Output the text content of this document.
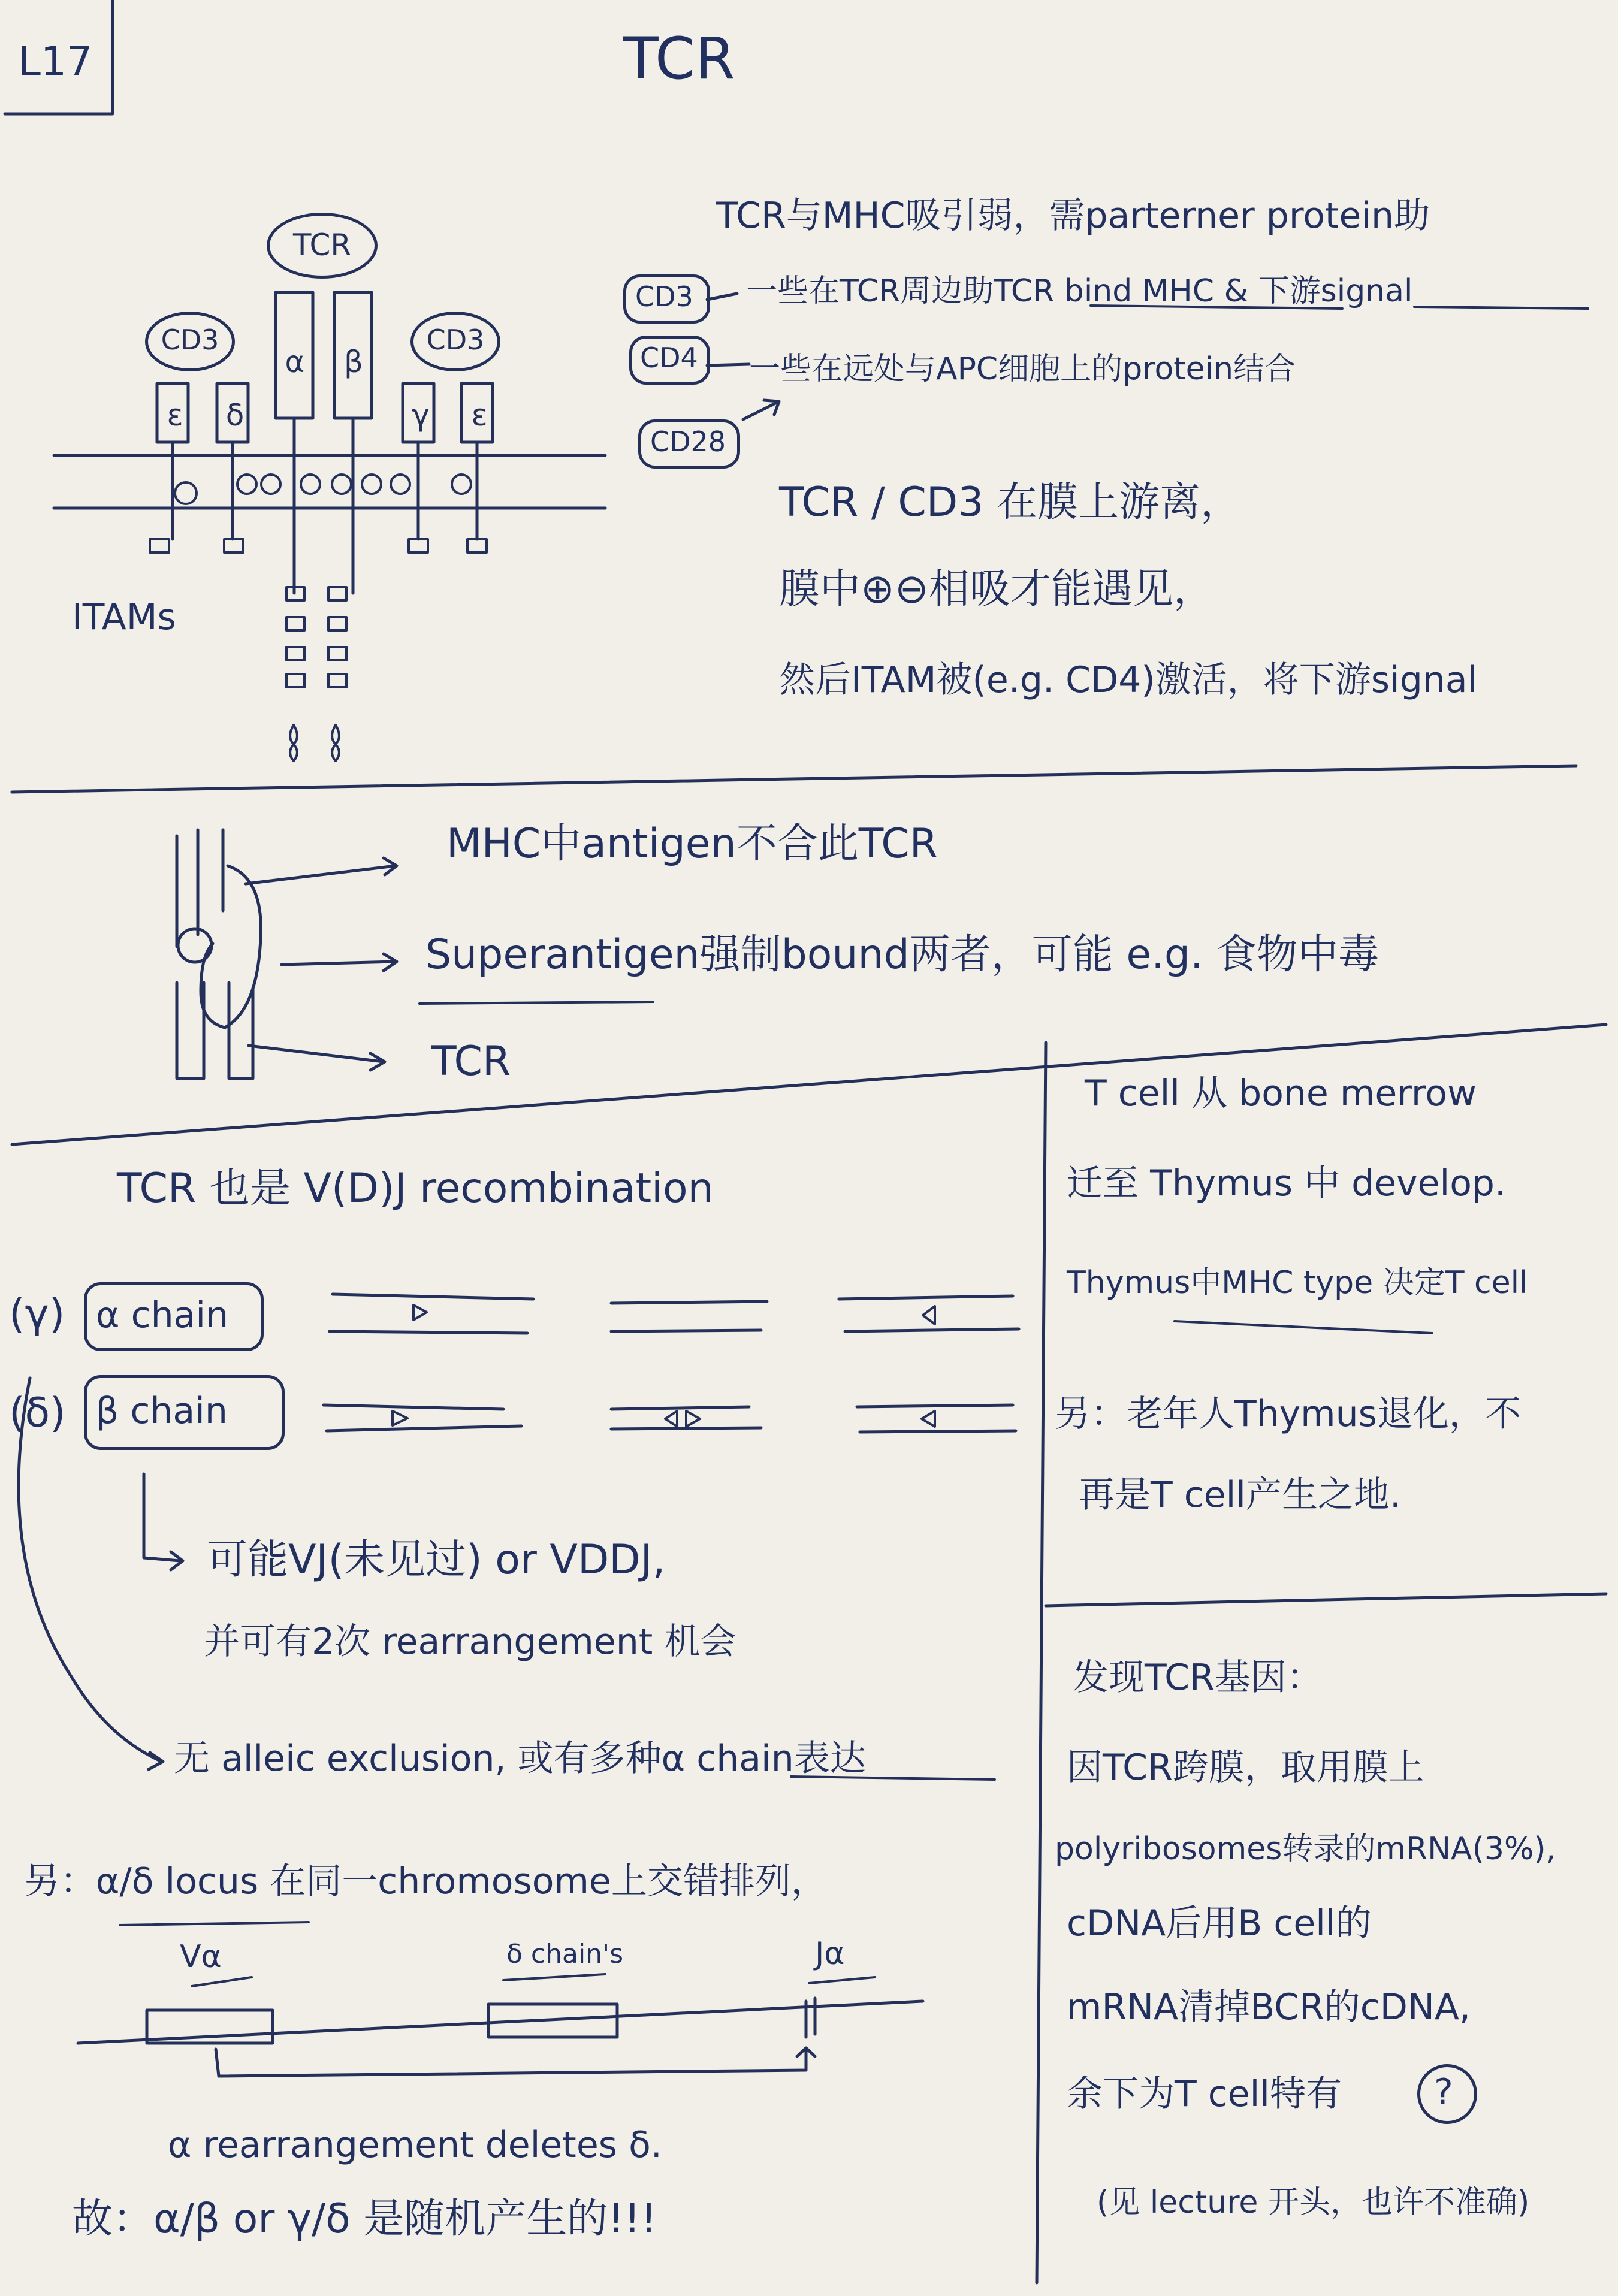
L17	TCR
TCR
α β
CD3	CD3
ε	δ	γ	ε
ITAMs
TCR与MHC吸引弱，需parterner protein助
CD3 一些在TCR周边助TCR bind MHC & 下游signal
CD4 一些在远处与APC细胞上的protein结合
CD28
TCR / CD3 在膜上游离，
膜中⊕⊖相吸才能遇见，
然后ITAM被(e.g. CD4)激活，将下游signal
MHC中antigen不合此TCR
Superantigen强制bound两者，可能 e.g. 食物中毒
TCR
T cell 从 bone merrow
迁至 Thymus 中 develop.
Thymus中MHC type 决定T cell
另：老年人Thymus退化，不
再是T cell产生之地.
TCR 也是 V(D)J recombination
(γ) α chain
(δ) β chain
可能VJ(未见过) or VDDJ,
并可有2次 rearrangement 机会
无 alleic exclusion, 或有多种α chain表达
另：α/δ locus 在同一chromosome上交错排列，
Vα	δ chain's	Jα
α rearrangement deletes δ.
故：α/β or γ/δ 是随机产生的!!!
发现TCR基因：
因TCR跨膜，取用膜上
polyribosomes转录的mRNA(3%),
cDNA后用B cell的
mRNA清掉BCR的cDNA,
余下为T cell特有	?
(见 lecture 开头，也许不准确)
